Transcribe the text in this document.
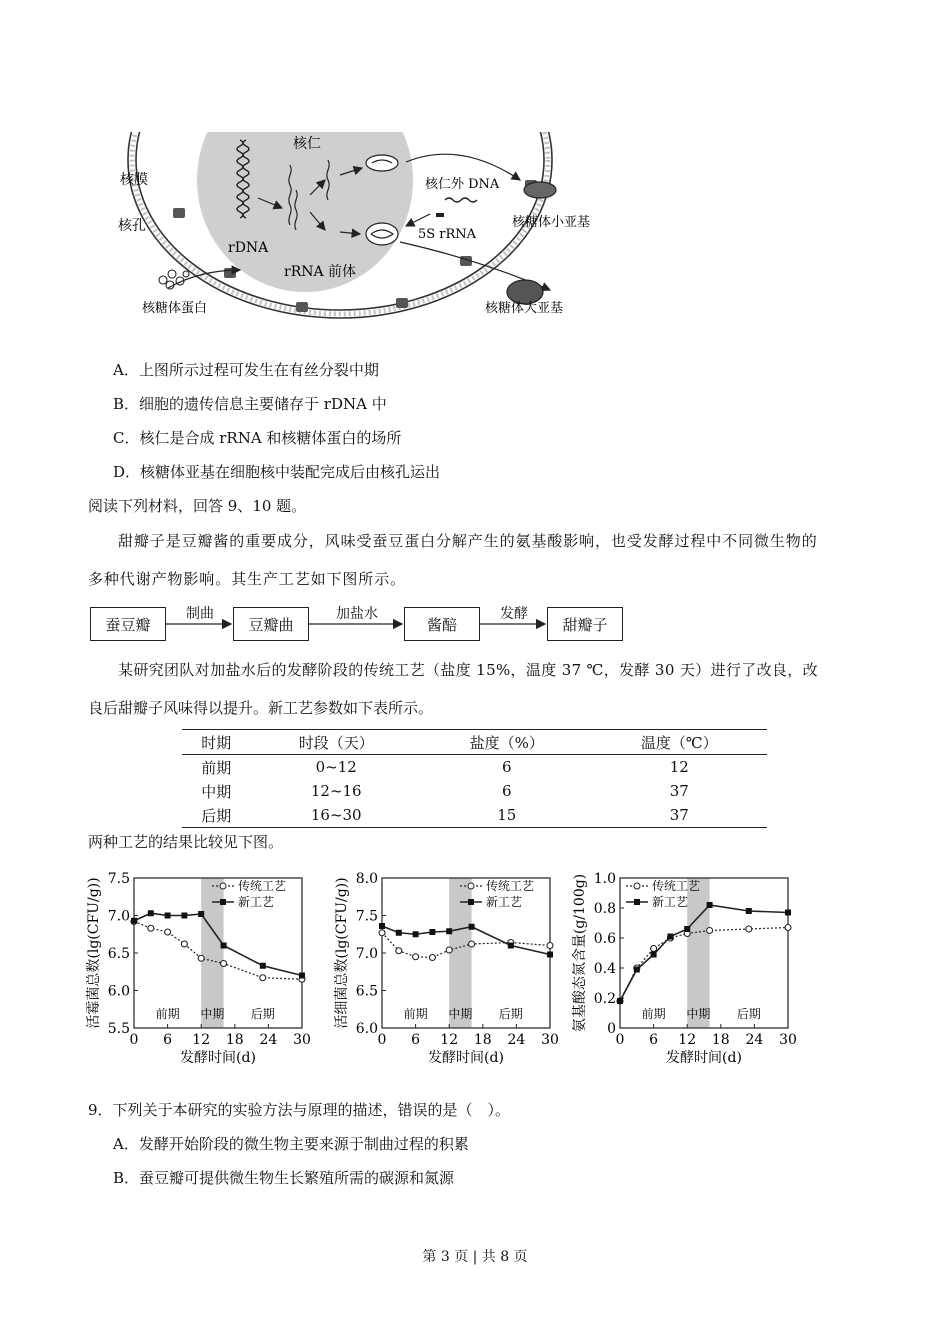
核膜
核孔
核仁
rDNA
rRNA 前体
核仁外 DNA
5S rRNA
核糖体小亚基
核糖体大亚基
核糖体蛋白
A．上图所示过程可发生在有丝分裂中期
B．细胞的遗传信息主要储存于 rDNA 中
C．核仁是合成 rRNA 和核糖体蛋白的场所
D．核糖体亚基在细胞核中装配完成后由核孔运出
阅读下列材料，回答 9、10 题。
甜瓣子是豆瓣酱的重要成分，风味受蚕豆蛋白分解产生的氨基酸影响，也受发酵过程中不同微生物的
多种代谢产物影响。其生产工艺如下图所示。
蚕豆瓣	豆瓣曲	酱醅	甜瓣子
制曲	加盐水	发酵
某研究团队对加盐水后的发酵阶段的传统工艺（盐度 15%，温度 37 ℃，发酵 30 天）进行了改良，改
良后甜瓣子风味得以提升。新工艺参数如下表所示。
时期	时段（天）	盐度（%）	温度（℃）
前期	0~12	6	12
中期	12~16	6	37
后期	16~30	15	37
两种工艺的结果比较见下图。
5.5
6.0
6.5
7.0
7.5
0 6 12 18 24 30
前期 中期 后期
发酵时间(d)
活霉菌总数(lg(CFU/g))	传统工艺
新工艺
6.0
6.5
7.0
7.5
8.0
0 6 12 18 24 30
前期 中期 后期
发酵时间(d)
活细菌总数(lg(CFU/g))	传统工艺
新工艺
0
0.2
0.4
0.6
0.8
1.0
0 6 12 18 24 30
前期 中期 后期
发酵时间(d)
氨基酸态氮含量(g/100g)	传统工艺
新工艺
9．下列关于本研究的实验方法与原理的描述，错误的是（　）。
A．发酵开始阶段的微生物主要来源于制曲过程的积累
B．蚕豆瓣可提供微生物生长繁殖所需的碳源和氮源
第 3 页 | 共 8 页
